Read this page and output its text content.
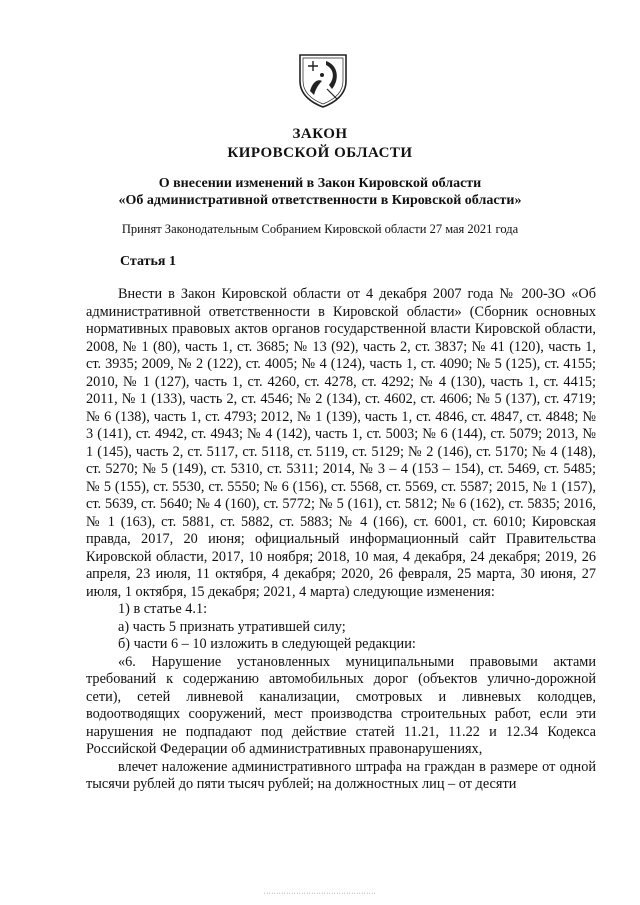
ЗАКОН
КИРОВСКОЙ ОБЛАСТИ
О внесении изменений в Закон Кировской области
«Об административной ответственности в Кировской области»
Принят Законодательным Собранием Кировской области 27 мая 2021 года
Статья 1

Внести в Закон Кировской области от 4 декабря 2007 года № 200-ЗО «Об административной ответственности в Кировской области» (Сборник основных нормативных правовых актов органов государственной власти Кировской области, 2008, № 1 (80), часть 1, ст. 3685; № 13 (92), часть 2, ст. 3837; № 41 (120), часть 1, ст. 3935; 2009, № 2 (122), ст. 4005; № 4 (124), часть 1, ст. 4090; № 5 (125), ст. 4155; 2010, № 1 (127), часть 1, ст. 4260, ст. 4278, ст. 4292; № 4 (130), часть 1, ст. 4415; 2011, № 1 (133), часть 2, ст. 4546; № 2 (134), ст. 4602, ст. 4606; № 5 (137), ст. 4719; № 6 (138), часть 1, ст. 4793; 2012, № 1 (139), часть 1, ст. 4846, ст. 4847, ст. 4848; № 3 (141), ст. 4942, ст. 4943; № 4 (142), часть 1, ст. 5003; № 6 (144), ст. 5079; 2013, № 1 (145), часть 2, ст. 5117, ст. 5118, ст. 5119, ст. 5129; № 2 (146), ст. 5170; № 4 (148), ст. 5270; № 5 (149), ст. 5310, ст. 5311; 2014, № 3 – 4 (153 – 154), ст. 5469, ст. 5485; № 5 (155), ст. 5530, ст. 5550; № 6 (156), ст. 5568, ст. 5569, ст. 5587; 2015, № 1 (157), ст. 5639, ст. 5640; № 4 (160), ст. 5772; № 5 (161), ст. 5812; № 6 (162), ст. 5835; 2016, № 1 (163), ст. 5881, ст. 5882, ст. 5883; № 4 (166), ст. 6001, ст. 6010; Кировская правда, 2017, 20 июня; официальный информационный сайт Правительства Кировской области, 2017, 10 ноября; 2018, 10 мая, 4 декабря, 24 декабря; 2019, 26 апреля, 23 июля, 11 октября, 4 декабря; 2020, 26 февраля, 25 марта, 30 июня, 27 июля, 1 октября, 15 декабря; 2021, 4 марта) следующие изменения:

1) в статье 4.1:

а) часть 5 признать утратившей силу;

б) части 6 – 10 изложить в следующей редакции:

«6. Нарушение установленных муниципальными правовыми актами требований к содержанию автомобильных дорог (объектов улично-дорожной сети), сетей ливневой канализации, смотровых и ливневых колодцев, водоотводящих сооружений, мест производства строительных работ, если эти нарушения не подпадают под действие статей 11.21, 11.22 и 12.34 Кодекса Российской Федерации об административных правонарушениях,

влечет наложение административного штрафа на граждан в размере от одной тысячи рублей до пяти тысяч рублей; на должностных лиц – от десяти

·············································
